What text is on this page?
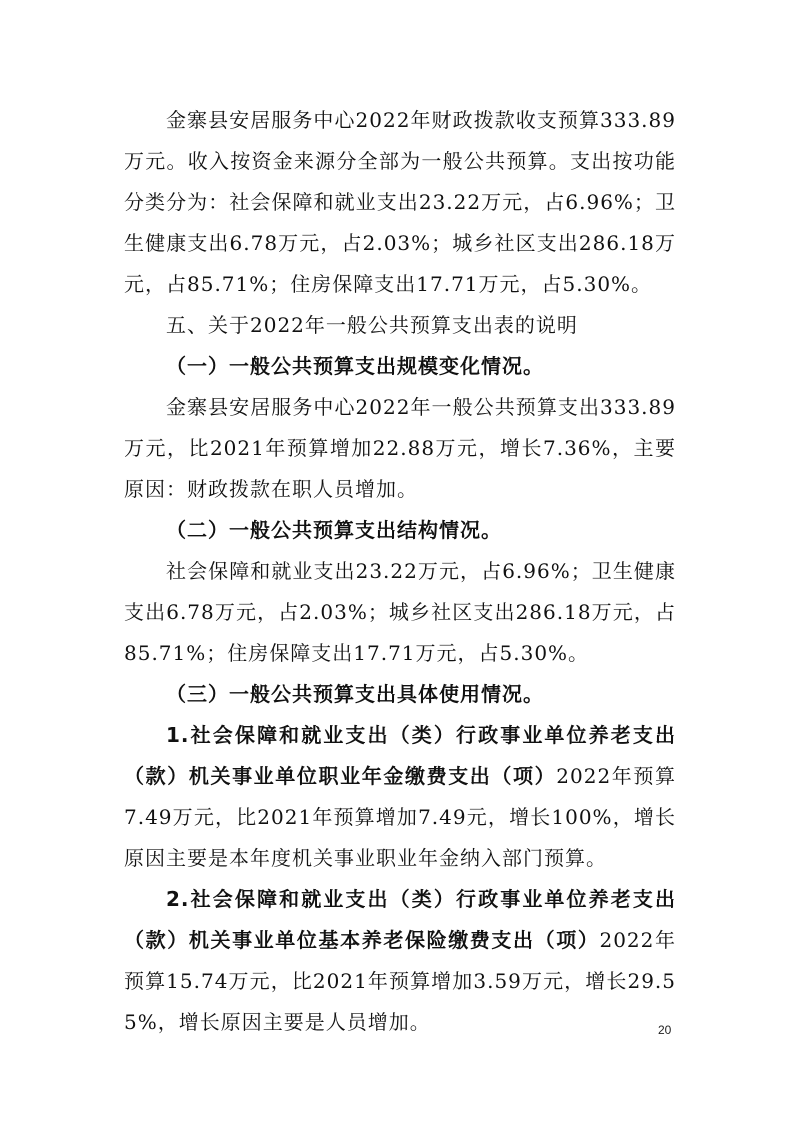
金寨县安居服务中心2022年财政拨款收支预算333.89万元。收入按资金来源分全部为一般公共预算。支出按功能分类分为：社会保障和就业支出23.22万元，占6.96%；卫生健康支出6.78万元，占2.03%；城乡社区支出286.18万元，占85.71%；住房保障支出17.71万元，占5.30%。

五、关于2022年一般公共预算支出表的说明

（一）一般公共预算支出规模变化情况。

金寨县安居服务中心2022年一般公共预算支出333.89万元，比2021年预算增加22.88万元，增长7.36%，主要原因：财政拨款在职人员增加。

（二）一般公共预算支出结构情况。

社会保障和就业支出23.22万元，占6.96%；卫生健康支出6.78万元，占2.03%；城乡社区支出286.18万元，占85.71%；住房保障支出17.71万元，占5.30%。

（三）一般公共预算支出具体使用情况。

1.社会保障和就业支出（类）行政事业单位养老支出（款）机关事业单位职业年金缴费支出（项）2022年预算7.49万元，比2021年预算增加7.49元，增长100%，增长原因主要是本年度机关事业职业年金纳入部门预算。

2.社会保障和就业支出（类）行政事业单位养老支出（款）机关事业单位基本养老保险缴费支出（项）2022年预算15.74万元，比2021年预算增加3.59万元，增长29.55%，增长原因主要是人员增加。	20
